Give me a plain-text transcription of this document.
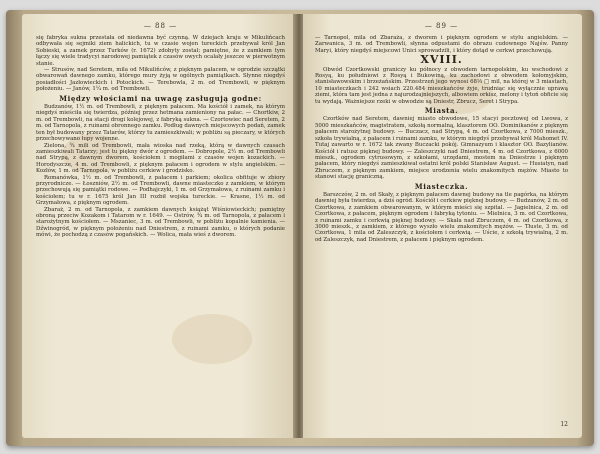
— 88 —

się fabryka sukna przestała od niedawna być czynną. W dziejach kraju w Mikulińcach odbywała się sejmiki ziem halickich, tu w czasie wojen tureckich przebywał król Jan Sobieski, a zamek przez Turków (r. 1672) zdobyty został; pamiętne, że z zamkiem tym łączy się wiele tradycyi narodowej pamiątek z czasów owych ocalały jeszcze w pierwotnym stanie.

— Strusów, nad Seretem, mila od Mikulińców, z pięknym pałacem, w ogrodzie szczątki obwarowań dawnego zamku, którego mury żyją w ogólnych pamiątkach. Słynne niegdyś posiadłości Jazłowieckich i Potockich. — Terebowla, 2 m. od Trembowli, w pięknym położeniu. — Janów, 1¼ m. od Trembowli.

Między włościami na uwagę zasługują godne:

Budzanów, 1½ m. od Trembowli, z pięknym pałacem. Ma kościół i zamek, na którym niegdyś mieściła się twierdza, później przez hetmana zamieniony na pałac. — Chortkiw, 2 m. od Trembowli, na stacji drogi kolejowej, z fabryką sukna. — Czortowiec nad Seretem, 2 m. od Tarnopola, z ruinami obronnego zamku. Podług dawnych miejscowych podań, zamek ten był budowany przez Tatarów, którzy tu zamieszkiwali; w pobliżu są pieczary, w których przechowywano łupy wojenne.

Zielona, ¾ mili od Trembowli, mała wioska nad rzeką, którą w dawnych czasach zamieszkiwali Tatarzy; jest tu piękny dwór z ogrodem. — Dobropole, 2½ m. od Trembowli nad Strypą, z dawnym dworem, kościołem i mogiłami z czasów wojen kozackich. — Horodyszcze, 4 m. od Trembowli, z pięknym pałacem i ogrodem w stylu angielskim. — Kozłów, 1 m. od Tarnopola, w pobliżu cerkiew i grodzisko.

Romanówka, 1½ m. od Trembowli, z pałacem i parkiem; okolica obfituje w zbiory przyrodnicze. — Łoszniów, 2½ m. od Trembowli, dawne miasteczko z zamkiem, w którym przechowują się pamiątki rodowe. — Podhajczyki, 1 m. od Grzymałowa, z ruinami zamku i kościołem; tu w r. 1675 król Jan III rozbił wojska tureckie. — Krasne, 1½ m. od Grzymałowa, z pięknym ogrodem.

Zbaraż, 2 m. od Tarnopola, z zamkiem dawnych książąt Wiśniowieckich; pamiętny obroną przeciw Kozakom i Tatarom w r. 1649. — Ostrów, ¾ m. od Tarnopola, z pałacem i starożytnym kościołem. — Mszaniec, 3 m. od Trembowli, w pobliżu kopalnie kamienia. — Dźwinogród, w pięknym położeniu nad Dniestrem, z ruinami zamku, o których podanie mówi, że pochodzą z czasów pogańskich. — Wolica, mała wieś z dworem.

— 89 —

— Tarnopol, mila od Zbaraża, z dworem i pięknym ogrodem w stylu angielskim. — Zarwanica, 3 m. od Trembowli, słynna odpustami do obrazu cudownego Najśw. Panny Maryi, który niegdyś miejscowi Unici sprowadzili, i który dotąd w cerkwi przechowują.

XVIII.

Obwód Czortkowski graniczy ku północy z obwodem tarnopolskim, ku wschodowi z Rosyą, ku południowi z Rosyą i Bukowiną, ku zachodowi z obwodem kołomyjskim, stanisławowskim i brzeżańskim. Przestrzeń jego wynosi 68⅓ □ mil, na której w 3 miastach, 10 miasteczkach i 242 wsiach 220.484 mieszkańców żyje, trudniąc się wyłącznie uprawą ziemi, która tam jest jedna z najurodzajniejszych, albowiem orkisz, melony i tytoń obficie się tu wydają. Ważniejsze rzeki w obwodzie są Dniestr, Zbrucz, Seret i Strypa.

Miasta.

Czortków nad Seretem, dawniej miasto obwodowe, 15 stacyi pocztowej od Lwowa, z 5000 mieszkańców, magistratem, szkołą normalną, klasztorem OO. Dominikanów z pięknym pałacem starożytnej budowy. — Buczacz, nad Strypą, 4 m. od Czortkowa, z 7000 mieszk., szkoła trywialną, z pałacem i ruinami zamku, w którym niegdyś przebywał król Mahomet IV. Tutaj zawarto w r. 1672 tak zwany Buczacki pokój. Gimnazyum i klasztor OO. Bazylianów. Kościół i ratusz pięknej budowy. — Zaleszczyki nad Dniestrem, 4 m. od Czortkowa, z 6000 mieszk., ogrodem cytrusowym, z szkołami, urzędami, mostem na Dniestrze i pięknym pałacem, który niegdyś zamieszkiwał ostatni król polski Stanisław August. — Husiatyn, nad Zbruczem, z pięknym zamkiem, miejsce urodzenia wielu znakomitych mężów. Miasto to stanowi stację graniczną.

Miasteczka.

Barszczów, 2 m. od Skały, z pięknym pałacem dawnej budowy na tle pagórka, na którym dawniej była twierdza, a dziś ogród. Kościół i cerkiew pięknej budowy. — Budzanów, 2 m. od Czortkowa, z zamkiem obwarowanym, w którym mieści się szpital. — Jagielnica, 2 m. od Czortkowa, z pałacem, pięknym ogrodem i fabryką tytoniu. — Mielnica, 3 m. od Czortkowa, z ruinami zamku i cerkwią pięknej budowy. — Skała nad Zbruczem, 4 m. od Czortkowa, z 3000 mieszk., z zamkiem, z którego wyszło wielu znakomitych mężów. — Tłuste, 3 m. od Czortkowa, 1 mila od Zaleszczyk, z kościołem i cerkwią. — Uście, z szkołą trywialną, 2 m. od Zaleszczyk, nad Dniestrem, z pałacem i pięknym ogrodem.

12
